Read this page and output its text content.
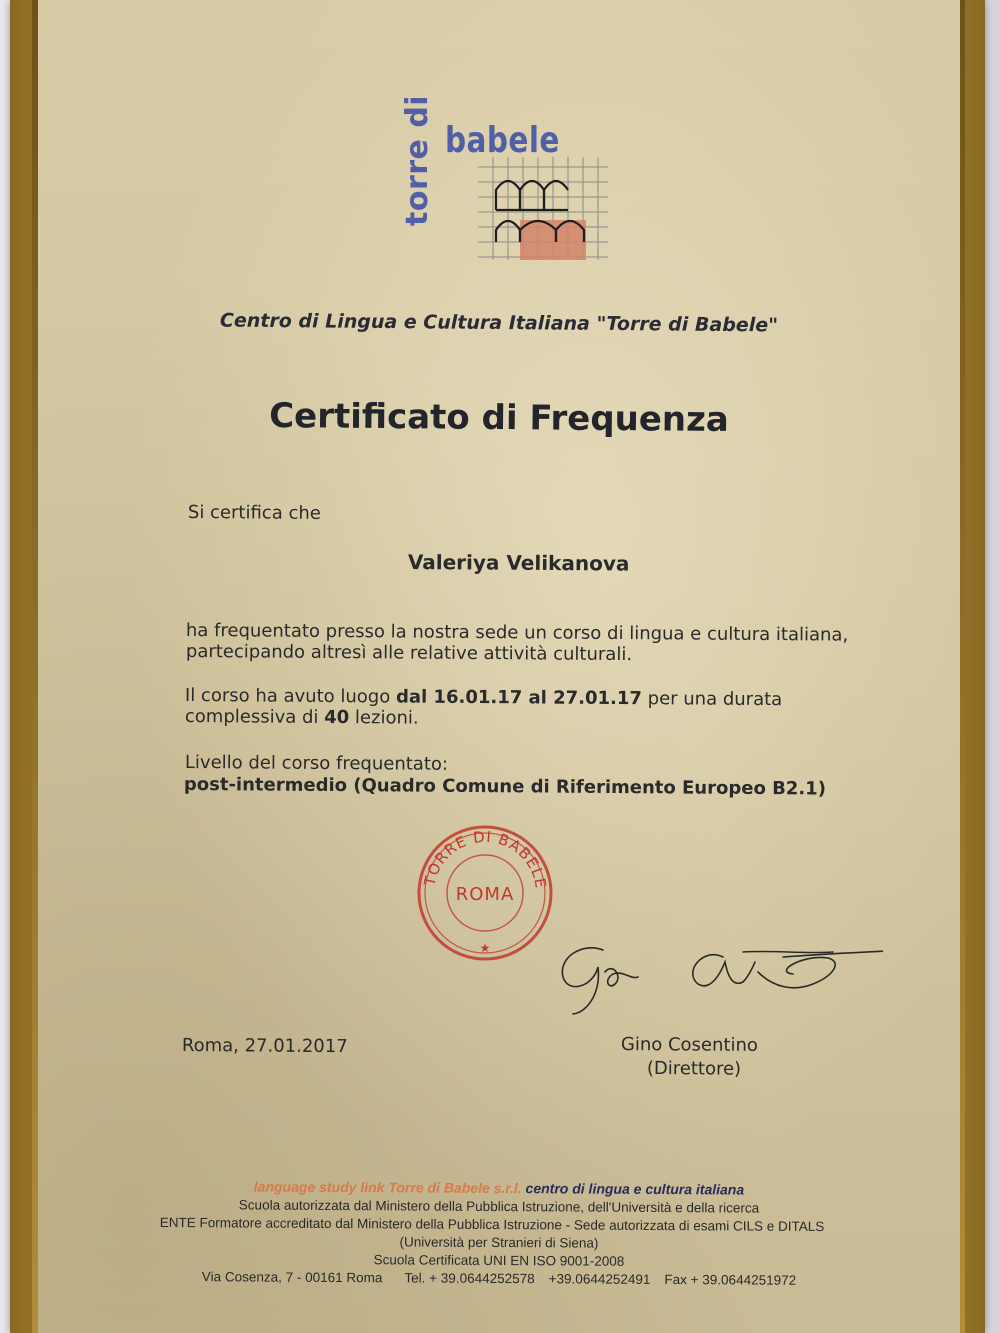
torre di babele
Centro di Lingua e Cultura Italiana "Torre di Babele"
Certificato di Frequenza
Si certifica che
Valeriya Velikanova
ha frequentato presso la nostra sede un corso di lingua e cultura italiana,
partecipando altresì alle relative attività culturali.
Il corso ha avuto luogo dal 16.01.17 al 27.01.17 per una durata
complessiva di 40 lezioni.
Livello del corso frequentato:
post-intermedio (Quadro Comune di Riferimento Europeo B2.1)
TORRE DI BABELE
ROMA
★
Roma, 27.01.2017	Gino Cosentino
(Direttore)
language study link Torre di Babele s.r.l. centro di lingua e cultura italiana
Scuola autorizzata dal Ministero della Pubblica Istruzione, dell'Università e della ricerca
ENTE Formatore accreditato dal Ministero della Pubblica Istruzione - Sede autorizzata di esami CILS e DITALS
(Università per Stranieri di Siena)
Scuola Certificata UNI EN ISO 9001-2008
Via Cosenza, 7 - 00161 Roma Tel. + 39.0644252578 +39.0644252491 Fax + 39.0644251972
